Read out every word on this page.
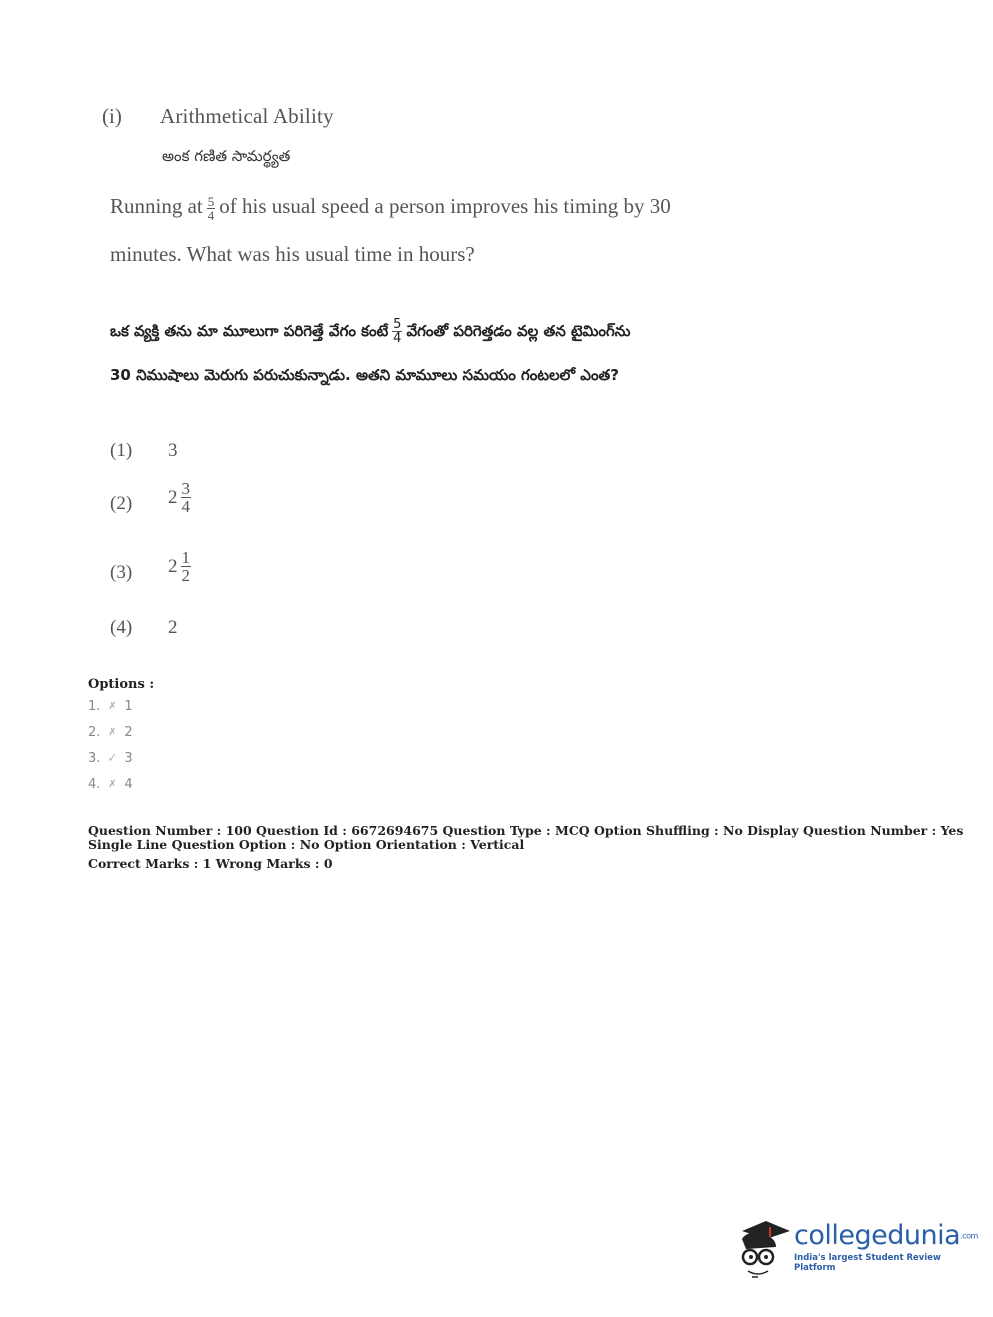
(i) Arithmetical Ability
అంక గణిత సామర్థ్యత
Running at $\frac{5}{4}$ of his usual speed a person improves his timing by 30
minutes. What was his usual time in hours?
ఒక వ్యక్తి తను మా మూలుగా పరిగెత్తే వేగం కంటే $\frac{5}{4}$ వేగంతో పరిగెత్తడం వల్ల తన టైమింగ్‌ను
30 నిముషాలు మెరుగు పరుచుకున్నాడు. అతని మామూలు సమయం గంటలలో ఎంత?
(1) 3
(2) $2 \frac{3}{4}$
(3) $2 \frac{1}{2}$
(4) 2
Options :
1. ✗ 1
2. ✗ 2
3. ✓ 3
4. ✗ 4
Question Number : 100 Question Id : 6672694675 Question Type : MCQ Option Shuffling : No Display Question Number : Yes
Single Line Question Option : No Option Orientation : Vertical
Correct Marks : 1 Wrong Marks : 0
collegedunia.com
India's largest Student Review Platform
